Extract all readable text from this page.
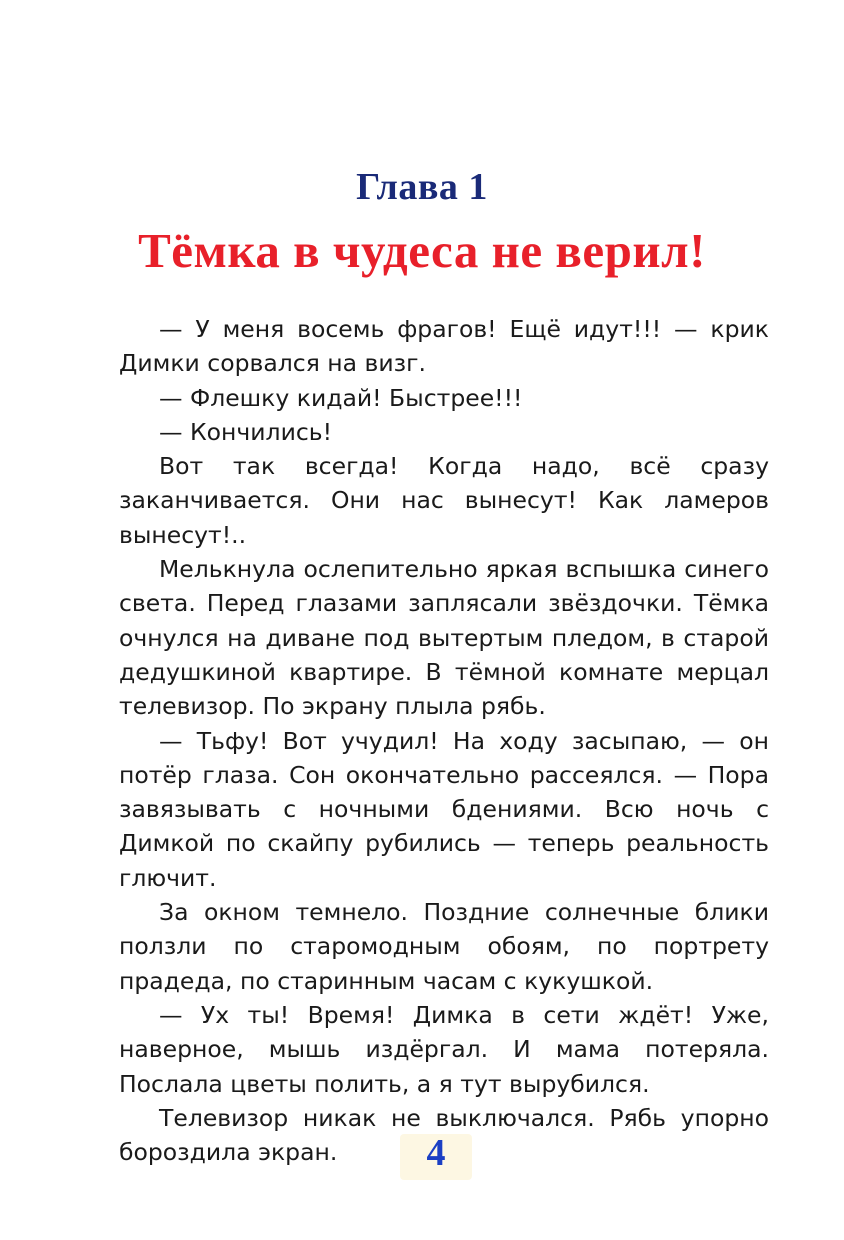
Глава 1
Тёмка в чудеса не верил!

— У меня восемь фрагов! Ещё идут!!! — крик Димки сорвался на визг.

— Флешку кидай! Быстрее!!!

— Кончились!

Вот так всегда! Когда надо, всё сразу заканчивается. Они нас вынесут! Как ламеров вынесут!..

Мелькнула ослепительно яркая вспышка синего света. Перед глазами заплясали звёздочки. Тёмка очнулся на диване под вытертым пледом, в старой дедушкиной квартире. В тёмной комнате мерцал телевизор. По экрану плыла рябь.

— Тьфу! Вот учудил! На ходу засыпаю, — он потёр глаза. Сон окончательно рассеялся. — Пора завязывать с ночными бдениями. Всю ночь с Димкой по скайпу рубились — теперь реальность глючит.

За окном темнело. Поздние солнечные блики ползли по старомодным обоям, по портрету прадеда, по старинным часам с кукушкой.

— Ух ты! Время! Димка в сети ждёт! Уже, наверное, мышь издёргал. И мама потеряла. Послала цветы полить, а я тут вырубился.

Телевизор никак не выключался. Рябь упорно бороздила экран.	4
